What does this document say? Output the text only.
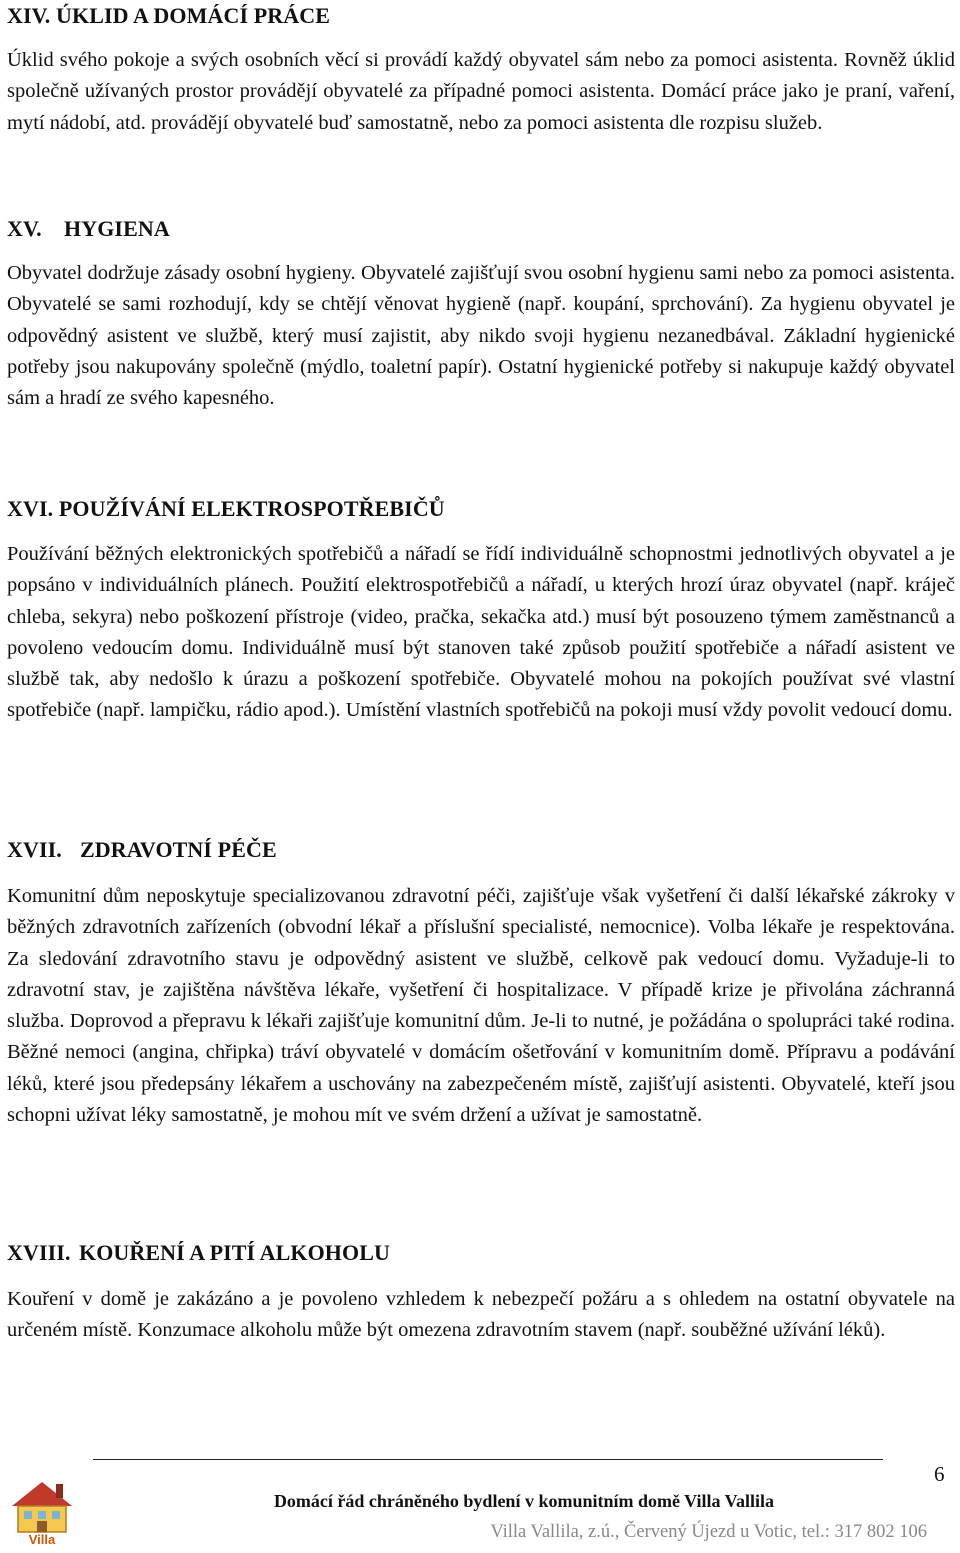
XIV. ÚKLID A DOMÁCÍ PRÁCE

Úklid svého pokoje a svých osobních věcí si provádí každý obyvatel sám nebo za pomoci asistenta. Rovněž úklid společně užívaných prostor provádějí obyvatelé za případné pomoci asistenta. Domácí práce jako je praní, vaření, mytí nádobí, atd. provádějí obyvatelé buď samostatně, nebo za pomoci asistenta dle rozpisu služeb.

XV. HYGIENA

Obyvatel dodržuje zásady osobní hygieny. Obyvatelé zajišťují svou osobní hygienu sami nebo za pomoci asistenta. Obyvatelé se sami rozhodují, kdy se chtějí věnovat hygieně (např. koupání, sprchování). Za hygienu obyvatel je odpovědný asistent ve službě, který musí zajistit, aby nikdo svoji hygienu nezanedbával. Základní hygienické potřeby jsou nakupovány společně (mýdlo, toaletní papír). Ostatní hygienické potřeby si nakupuje každý obyvatel sám a hradí ze svého kapesného.

XVI. POUŽÍVÁNÍ ELEKTROSPOTŘEBIČŮ

Používání běžných elektronických spotřebičů a nářadí se řídí individuálně schopnostmi jednotlivých obyvatel a je popsáno v individuálních plánech. Použití elektrospotřebičů a nářadí, u kterých hrozí úraz obyvatel (např. kráječ chleba, sekyra) nebo poškození přístroje (video, pračka, sekačka atd.) musí být posouzeno týmem zaměstnanců a povoleno vedoucím domu. Individuálně musí být stanoven také způsob použití spotřebiče a nářadí asistent ve službě tak, aby nedošlo k úrazu a poškození spotřebiče. Obyvatelé mohou na pokojích používat své vlastní spotřebiče (např. lampičku, rádio apod.). Umístění vlastních spotřebičů na pokoji musí vždy povolit vedoucí domu.

XVII. ZDRAVOTNÍ PÉČE

Komunitní dům neposkytuje specializovanou zdravotní péči, zajišťuje však vyšetření či další lékařské zákroky v běžných zdravotních zařízeních (obvodní lékař a příslušní specialisté, nemocnice). Volba lékaře je respektována. Za sledování zdravotního stavu je odpovědný asistent ve službě, celkově pak vedoucí domu. Vyžaduje-li to zdravotní stav, je zajištěna návštěva lékaře, vyšetření či hospitalizace. V případě krize je přivolána záchranná služba. Doprovod a přepravu k lékaři zajišťuje komunitní dům. Je-li to nutné, je požádána o spolupráci také rodina. Běžné nemoci (angina, chřipka) tráví obyvatelé v domácím ošetřování v komunitním domě. Přípravu a podávání léků, které jsou předepsány lékařem a uschovány na zabezpečeném místě, zajišťují asistenti. Obyvatelé, kteří jsou schopni užívat léky samostatně, je mohou mít ve svém držení a užívat je samostatně.

XVIII. KOUŘENÍ A PITÍ ALKOHOLU

Kouření v domě je zakázáno a je povoleno vzhledem k nebezpečí požáru a s ohledem na ostatní obyvatele na určeném místě. Konzumace alkoholu může být omezena zdravotním stavem (např. souběžné užívání léků).

6
Villa
Domácí řád chráněného bydlení v komunitním domě Villa Vallila
Villa Vallila, z.ú., Červený Újezd u Votic, tel.: 317 802 106
